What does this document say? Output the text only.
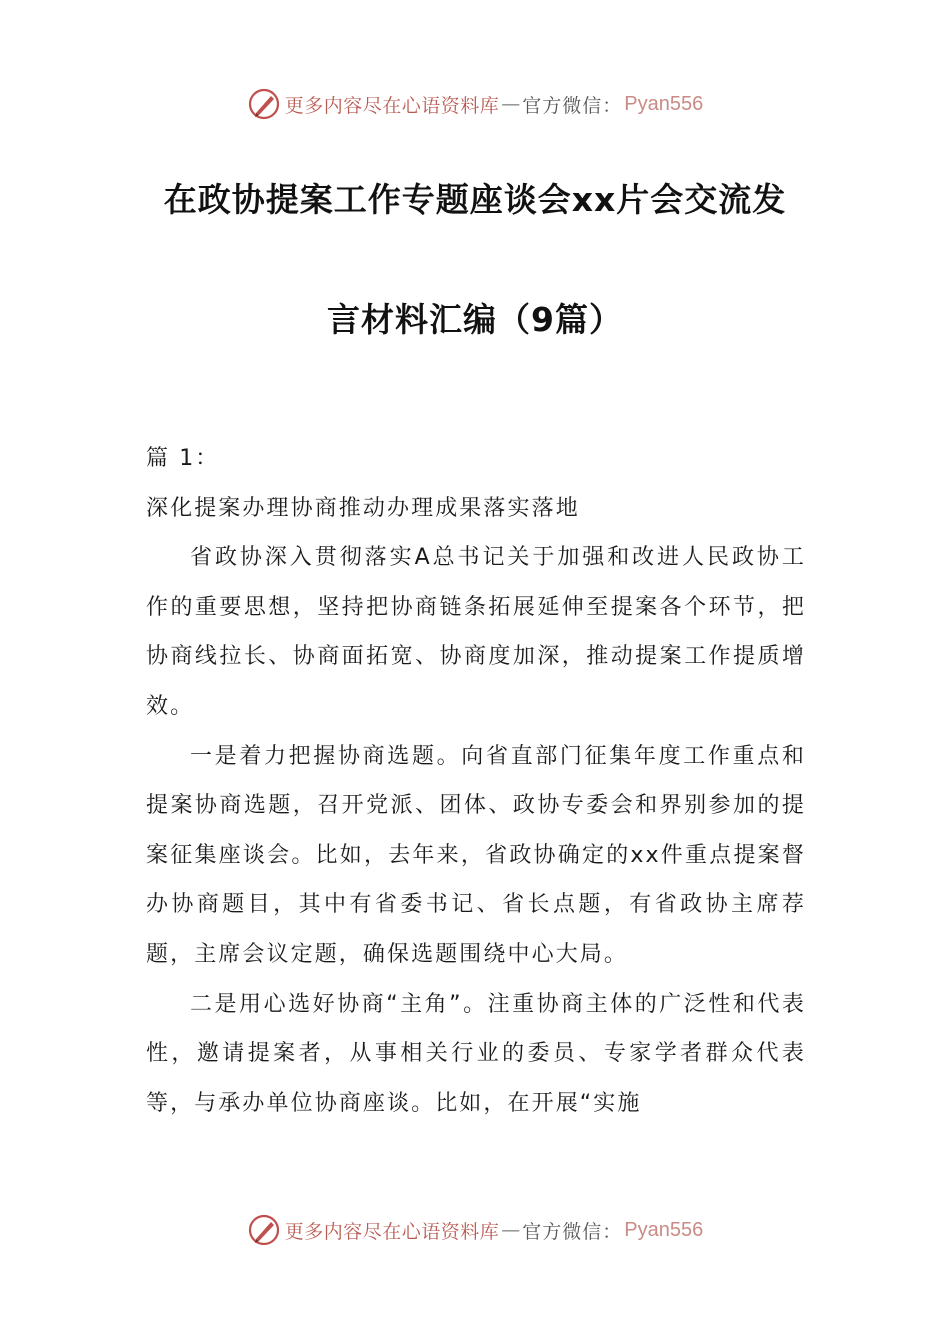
更多内容尽在心语资料库 — 官方微信： Pyan556
在政协提案工作专题座谈会xx片会交流发
言材料汇编（9篇）

篇 1：

深化提案办理协商推动办理成果落实落地

省政协深入贯彻落实A总书记关于加强和改进人民政协工作的重要思想，坚持把协商链条拓展延伸至提案各个环节，把协商线拉长、协商面拓宽、协商度加深，推动提案工作提质增效。

一是着力把握协商选题。向省直部门征集年度工作重点和提案协商选题，召开党派、团体、政协专委会和界别参加的提案征集座谈会。比如，去年来，省政协确定的xx件重点提案督办协商题目，其中有省委书记、省长点题，有省政协主席荐题，主席会议定题，确保选题围绕中心大局。

二是用心选好协商“主角”。注重协商主体的广泛性和代表性，邀请提案者，从事相关行业的委员、专家学者群众代表等，与承办单位协商座谈。比如，在开展“实施

更多内容尽在心语资料库 — 官方微信： Pyan556
